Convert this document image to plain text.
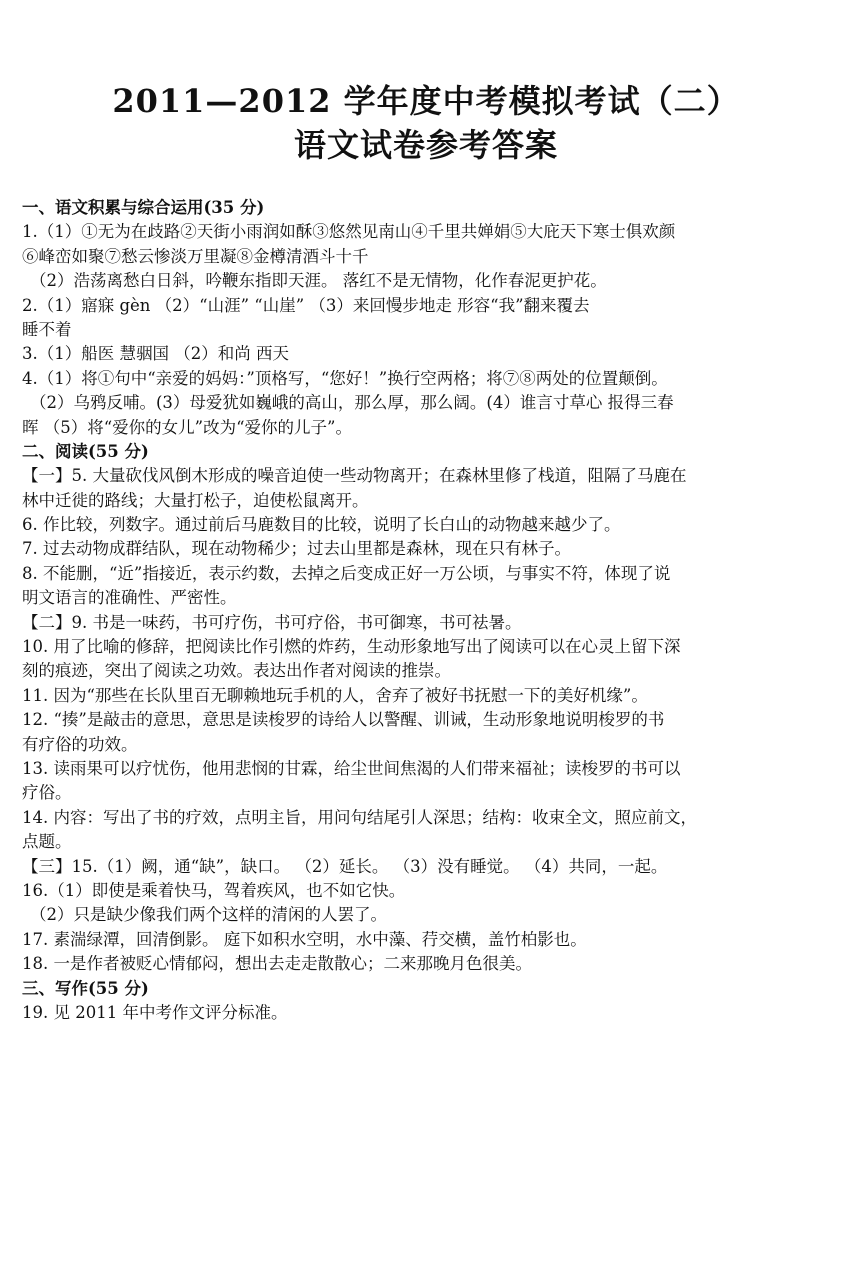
2011—2012 学年度中考模拟考试（二）
语文试卷参考答案

一、语文积累与综合运用(35 分)

1.（1）①无为在歧路②天街小雨润如酥③悠然见南山④千里共婵娟⑤大庇天下寒士俱欢颜

⑥峰峦如聚⑦愁云惨淡万里凝⑧金樽清酒斗十千

（2）浩荡离愁白日斜，吟鞭东指即天涯。 落红不是无情物，化作春泥更护花。

2.（1）寤寐 gèn （2）“山涯” “山崖” （3）来回慢步地走 形容“我”翻来覆去

睡不着

3.（1）船医 慧骃国 （2）和尚 西天

4.（1）将①句中“亲爱的妈妈：”顶格写，“您好！”换行空两格；将⑦⑧两处的位置颠倒。

（2）乌鸦反哺。(3）母爱犹如巍峨的高山，那么厚，那么阔。(4）谁言寸草心 报得三春

晖 （5）将“爱你的女儿”改为“爱你的儿子”。

二、阅读(55 分)

【一】5. 大量砍伐风倒木形成的噪音迫使一些动物离开；在森林里修了栈道，阻隔了马鹿在

林中迁徙的路线；大量打松子，迫使松鼠离开。

6. 作比较，列数字。通过前后马鹿数目的比较，说明了长白山的动物越来越少了。

7. 过去动物成群结队，现在动物稀少；过去山里都是森林，现在只有林子。

8. 不能删，“近”指接近，表示约数，去掉之后变成正好一万公顷，与事实不符，体现了说

明文语言的准确性、严密性。

【二】9. 书是一味药，书可疗伤，书可疗俗，书可御寒，书可祛暑。

10. 用了比喻的修辞，把阅读比作引燃的炸药，生动形象地写出了阅读可以在心灵上留下深

刻的痕迹，突出了阅读之功效。表达出作者对阅读的推崇。

11. 因为“那些在长队里百无聊赖地玩手机的人，舍弃了被好书抚慰一下的美好机缘”。

12. “揍”是敲击的意思，意思是读梭罗的诗给人以警醒、训诫，生动形象地说明梭罗的书

有疗俗的功效。

13. 读雨果可以疗忧伤，他用悲悯的甘霖，给尘世间焦渴的人们带来福祉；读梭罗的书可以

疗俗。

14. 内容：写出了书的疗效，点明主旨，用问句结尾引人深思；结构：收束全文，照应前文，

点题。

【三】15.（1）阙，通“缺”，缺口。 （2）延长。 （3）没有睡觉。 （4）共同，一起。

16.（1）即使是乘着快马，驾着疾风，也不如它快。

（2）只是缺少像我们两个这样的清闲的人罢了。

17. 素湍绿潭，回清倒影。 庭下如积水空明，水中藻、荇交横，盖竹柏影也。

18. 一是作者被贬心情郁闷，想出去走走散散心；二来那晚月色很美。

三、写作(55 分)

19. 见 2011 年中考作文评分标准。
